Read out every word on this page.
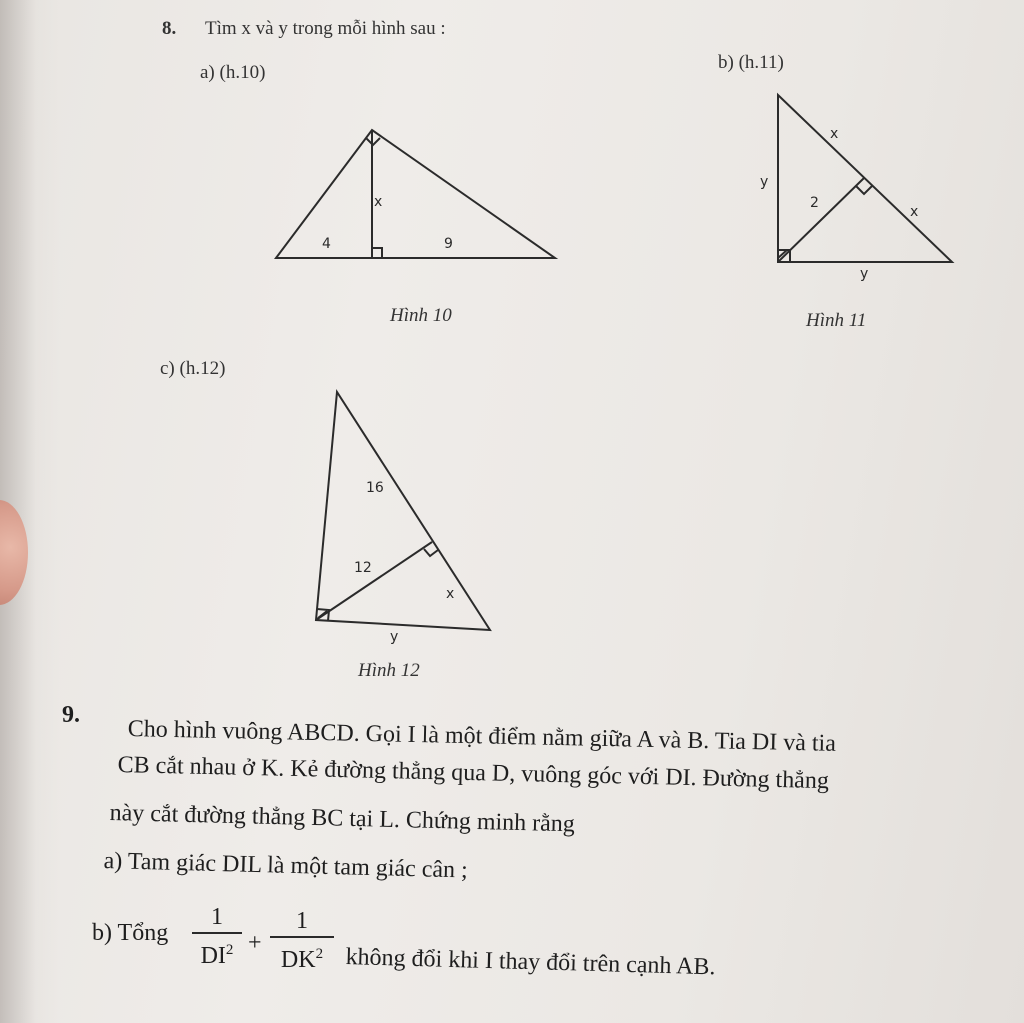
8. Tìm x và y trong mỗi hình sau :
a) (h.10)	b) (h.11)
x
4	9
Hình 10
x
y
2
x
y
Hình 11
c) (h.12)
16
12
x
y
Hình 12
9.
Cho hình vuông ABCD. Gọi I là một điểm nằm giữa A và B. Tia DI và tia
CB cắt nhau ở K. Kẻ đường thẳng qua D, vuông góc với DI. Đường thẳng
này cắt đường thẳng BC tại L. Chứng minh rằng
a) Tam giác DIL là một tam giác cân ;
b) Tổng
1
$DI^2$ +
1
$DK^2$ không đổi khi I thay đổi trên cạnh AB.
